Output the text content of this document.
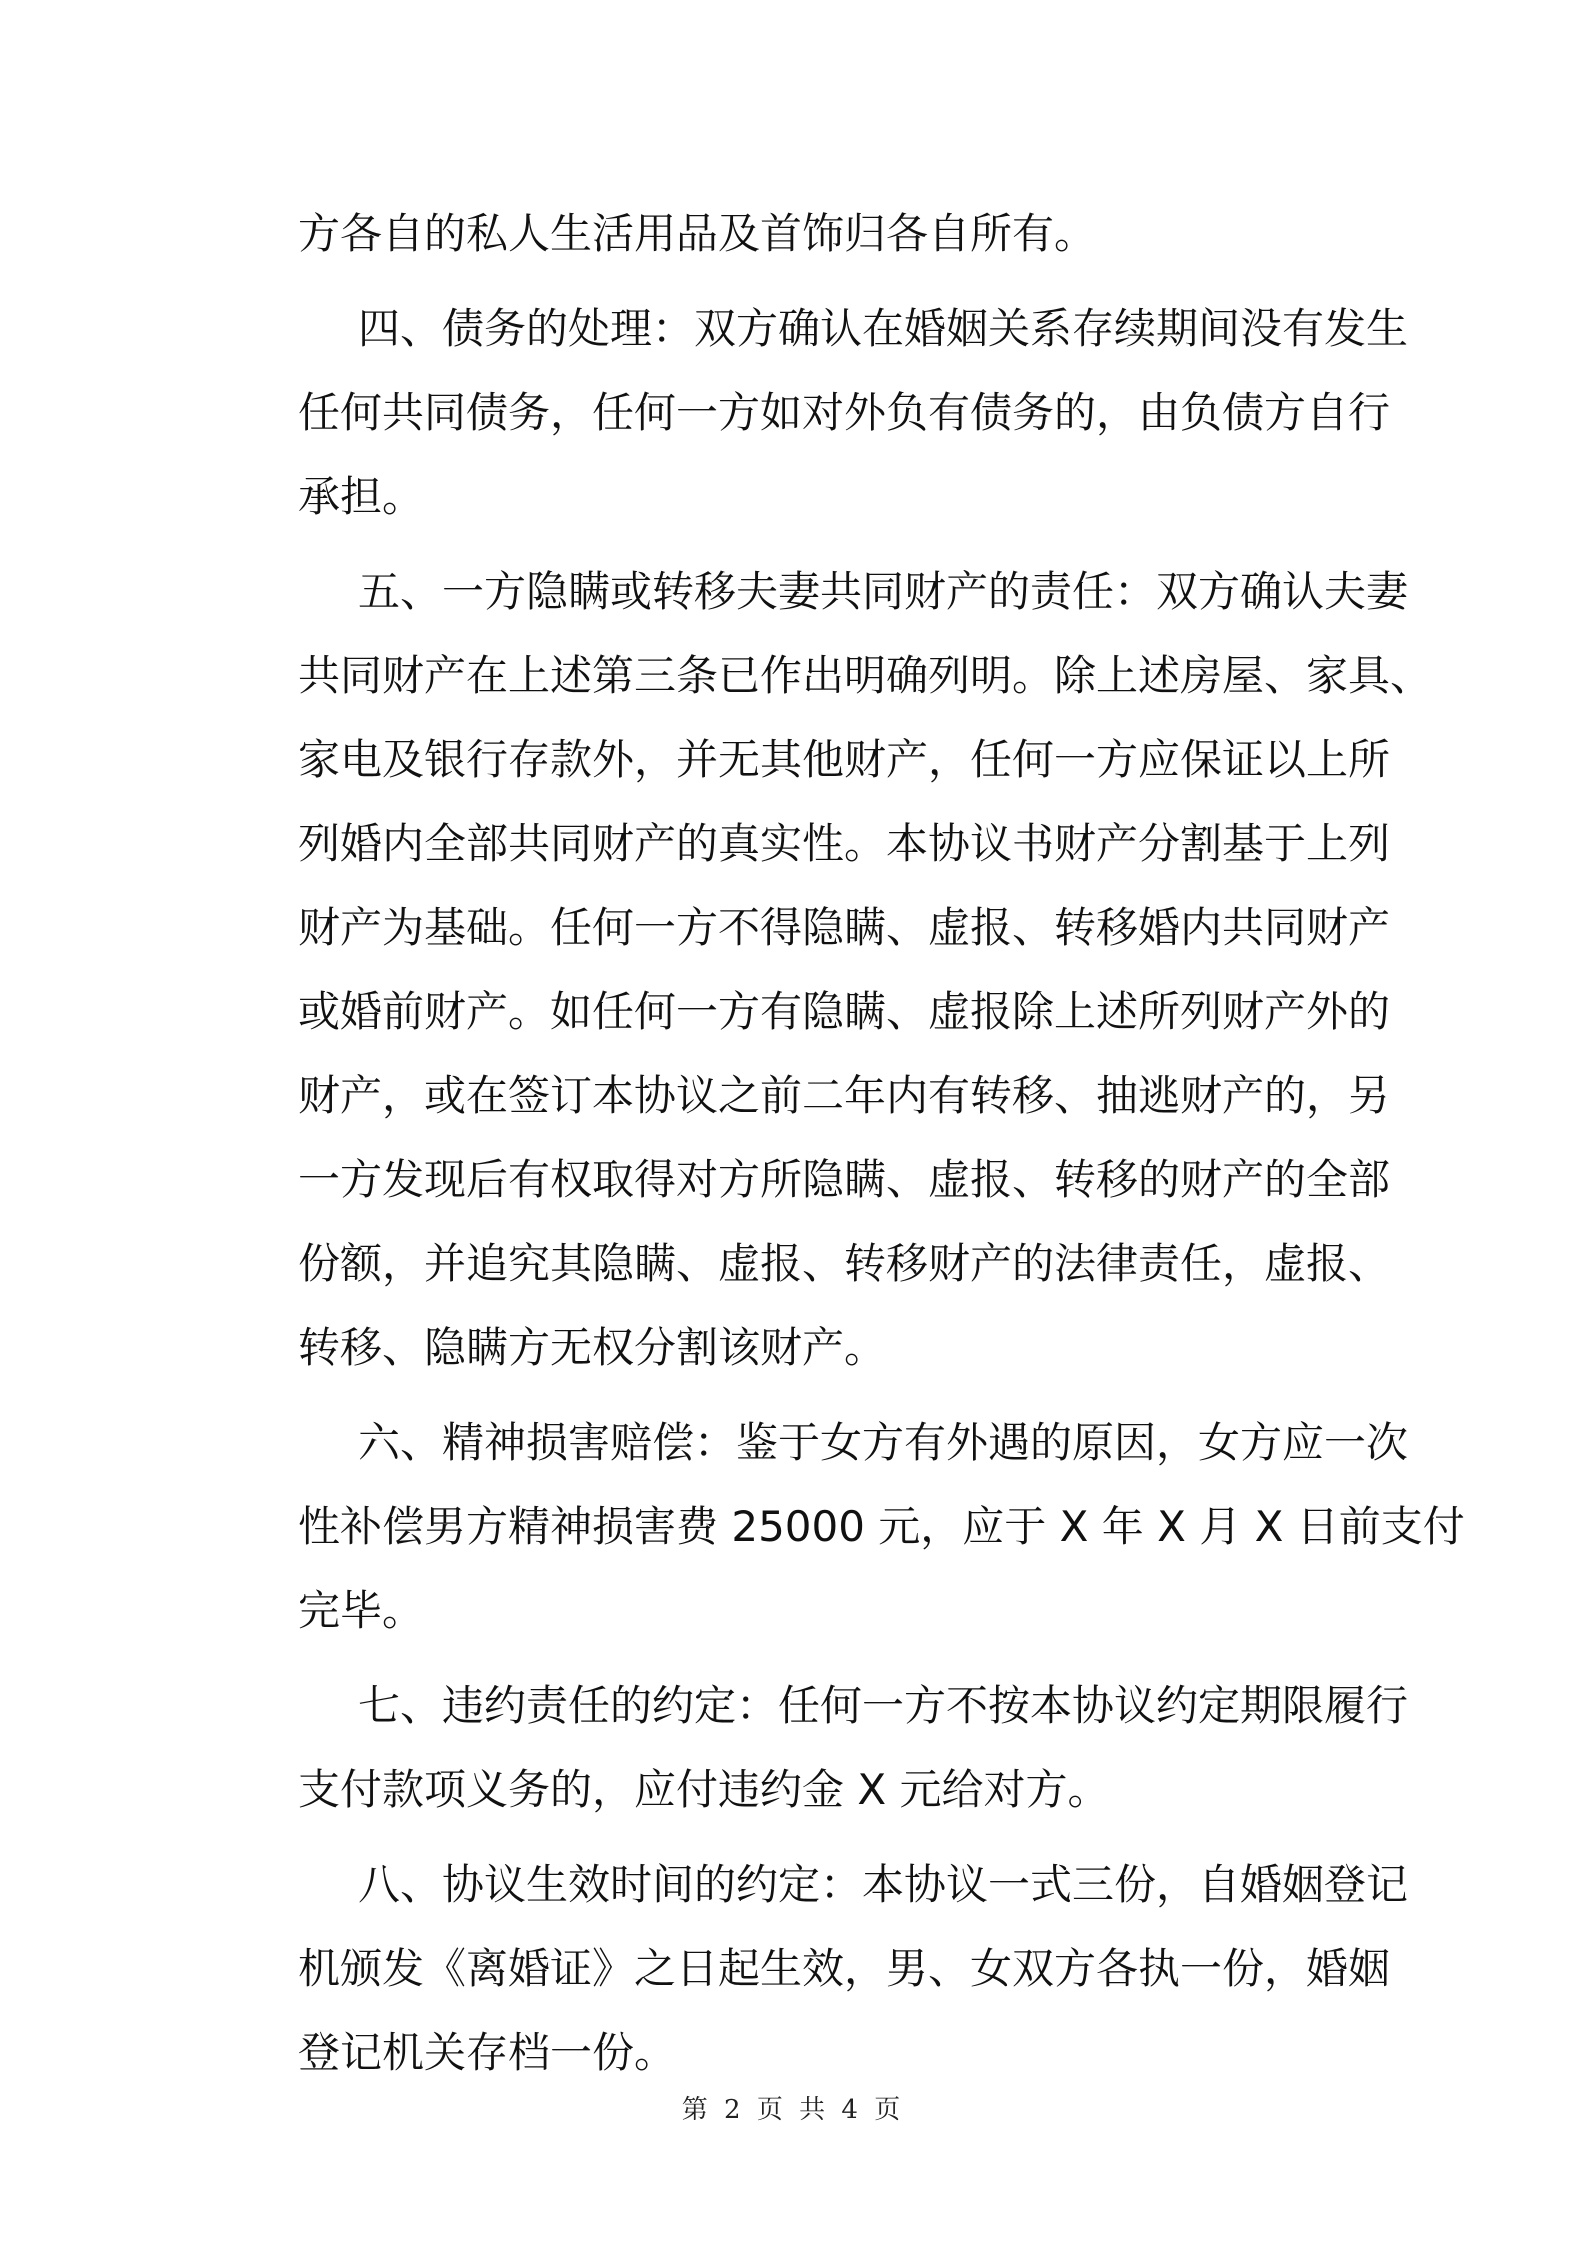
方各自的私人生活用品及首饰归各自所有。
四、债务的处理：双方确认在婚姻关系存续期间没有发生
任何共同债务，任何一方如对外负有债务的，由负债方自行
承担。
五、一方隐瞒或转移夫妻共同财产的责任：双方确认夫妻
共同财产在上述第三条已作出明确列明。除上述房屋、家具、
家电及银行存款外，并无其他财产，任何一方应保证以上所
列婚内全部共同财产的真实性。本协议书财产分割基于上列
财产为基础。任何一方不得隐瞒、虚报、转移婚内共同财产
或婚前财产。如任何一方有隐瞒、虚报除上述所列财产外的
财产，或在签订本协议之前二年内有转移、抽逃财产的，另
一方发现后有权取得对方所隐瞒、虚报、转移的财产的全部
份额，并追究其隐瞒、虚报、转移财产的法律责任，虚报、
转移、隐瞒方无权分割该财产。
六、精神损害赔偿：鉴于女方有外遇的原因，女方应一次
性补偿男方精神损害费 25000 元，应于 X 年 X 月 X 日前支付
完毕。
七、违约责任的约定：任何一方不按本协议约定期限履行
支付款项义务的，应付违约金 X 元给对方。
八、协议生效时间的约定：本协议一式三份，自婚姻登记
机颁发《离婚证》之日起生效，男、女双方各执一份，婚姻
登记机关存档一份。
第 2 页 共 4 页
